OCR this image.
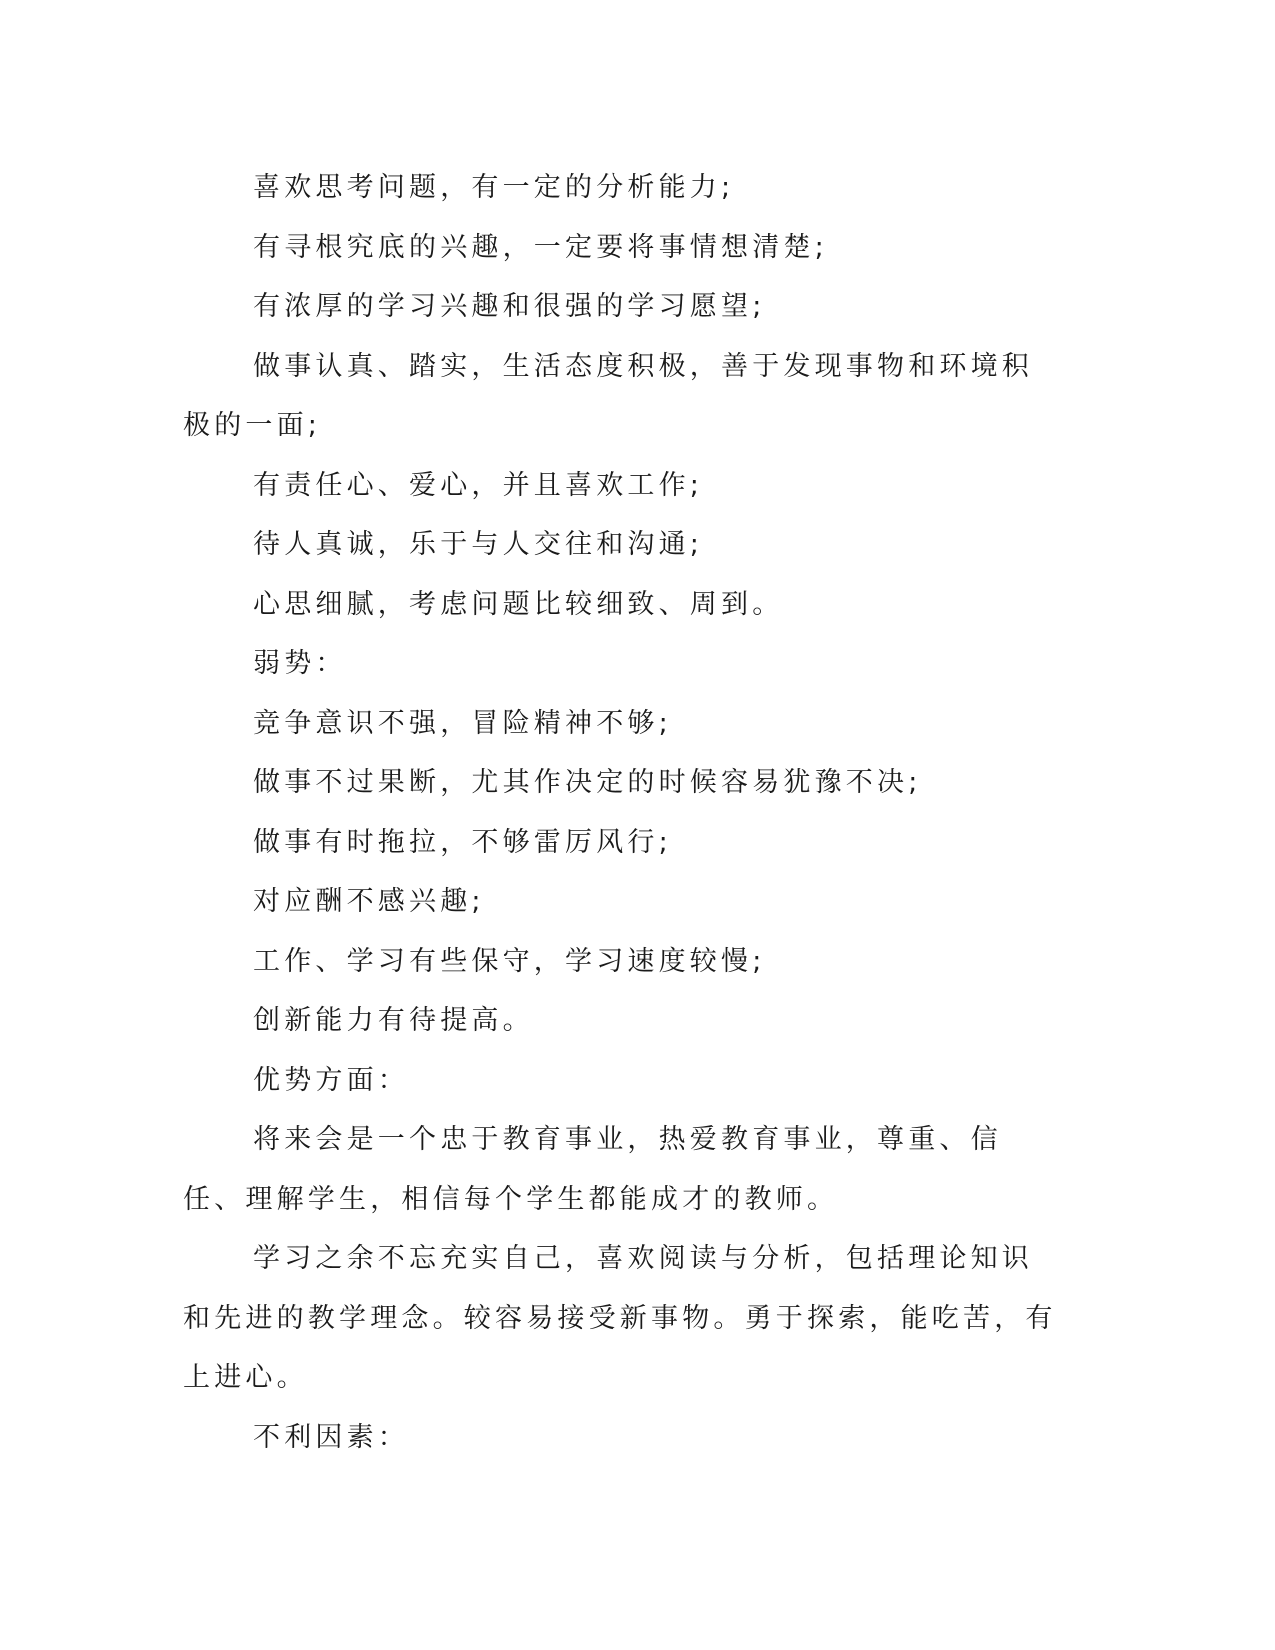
喜欢思考问题，有一定的分析能力;

有寻根究底的兴趣，一定要将事情想清楚;

有浓厚的学习兴趣和很强的学习愿望;

做事认真、踏实，生活态度积极，善于发现事物和环境积极的一面;

有责任心、爱心，并且喜欢工作;

待人真诚，乐于与人交往和沟通;

心思细腻，考虑问题比较细致、周到。

弱势：

竞争意识不强，冒险精神不够;

做事不过果断，尤其作决定的时候容易犹豫不决;

做事有时拖拉，不够雷厉风行;

对应酬不感兴趣;

工作、学习有些保守，学习速度较慢;

创新能力有待提高。

优势方面：

将来会是一个忠于教育事业，热爱教育事业，尊重、信任、理解学生，相信每个学生都能成才的教师。

学习之余不忘充实自己，喜欢阅读与分析，包括理论知识和先进的教学理念。较容易接受新事物。勇于探索，能吃苦，有上进心。

不利因素：
